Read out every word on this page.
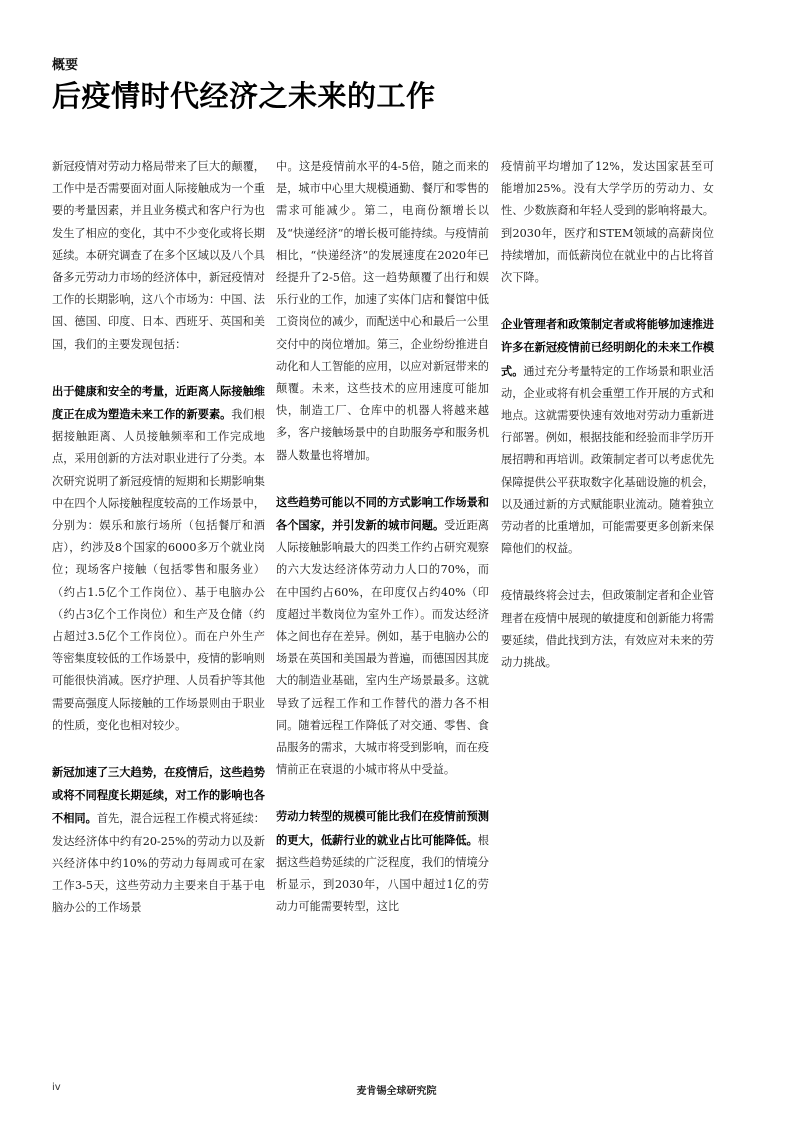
概要
后疫情时代经济之未来的工作

新冠疫情对劳动力格局带来了巨大的颠覆，工作中是否需要面对面人际接触成为一个重要的考量因素，并且业务模式和客户行为也发生了相应的变化，其中不少变化或将长期延续。本研究调查了在多个区域以及八个具备多元劳动力市场的经济体中，新冠疫情对工作的长期影响，这八个市场为：中国、法国、德国、印度、日本、西班牙、英国和美国，我们的主要发现包括：

出于健康和安全的考量，近距离人际接触维度正在成为塑造未来工作的新要素。我们根据接触距离、人员接触频率和工作完成地点，采用创新的方法对职业进行了分类。本次研究说明了新冠疫情的短期和长期影响集中在四个人际接触程度较高的工作场景中，分别为：娱乐和旅行场所（包括餐厅和酒店），约涉及8个国家的6000多万个就业岗位；现场客户接触（包括零售和服务业）（约占1.5亿个工作岗位）、基于电脑办公（约占3亿个工作岗位）和生产及仓储（约占超过3.5亿个工作岗位）。而在户外生产等密集度较低的工作场景中，疫情的影响则可能很快消减。医疗护理、人员看护等其他需要高强度人际接触的工作场景则由于职业的性质，变化也相对较少。

新冠加速了三大趋势，在疫情后，这些趋势或将不同程度长期延续，对工作的影响也各不相同。首先，混合远程工作模式将延续：发达经济体中约有20-25%的劳动力以及新兴经济体中约10%的劳动力每周或可在家工作3-5天，这些劳动力主要来自于基于电脑办公的工作场景

中。这是疫情前水平的4-5倍，随之而来的是，城市中心里大规模通勤、餐厅和零售的需求可能减少。第二，电商份额增长以及“快递经济”的增长极可能持续。与疫情前相比，“快递经济”的发展速度在2020年已经提升了2-5倍。这一趋势颠覆了出行和娱乐行业的工作，加速了实体门店和餐馆中低工资岗位的减少，而配送中心和最后一公里交付中的岗位增加。第三，企业纷纷推进自动化和人工智能的应用，以应对新冠带来的颠覆。未来，这些技术的应用速度可能加快，制造工厂、仓库中的机器人将越来越多，客户接触场景中的自助服务亭和服务机器人数量也将增加。

这些趋势可能以不同的方式影响工作场景和各个国家，并引发新的城市问题。受近距离人际接触影响最大的四类工作约占研究观察的六大发达经济体劳动力人口的70%，而在中国约占60%，在印度仅占约40%（印度超过半数岗位为室外工作）。而发达经济体之间也存在差异。例如，基于电脑办公的场景在英国和美国最为普遍，而德国因其庞大的制造业基础，室内生产场景最多。这就导致了远程工作和工作替代的潜力各不相同。随着远程工作降低了对交通、零售、食品服务的需求，大城市将受到影响，而在疫情前正在衰退的小城市将从中受益。

劳动力转型的规模可能比我们在疫情前预测的更大，低薪行业的就业占比可能降低。根据这些趋势延续的广泛程度，我们的情境分析显示，到2030年，八国中超过1亿的劳动力可能需要转型，这比

疫情前平均增加了12%，发达国家甚至可能增加25%。没有大学学历的劳动力、女性、少数族裔和年轻人受到的影响将最大。到2030年，医疗和STEM领域的高薪岗位持续增加，而低薪岗位在就业中的占比将首次下降。

企业管理者和政策制定者或将能够加速推进许多在新冠疫情前已经明朗化的未来工作模式。通过充分考量特定的工作场景和职业活动，企业或将有机会重塑工作开展的方式和地点。这就需要快速有效地对劳动力重新进行部署。例如，根据技能和经验而非学历开展招聘和再培训。政策制定者可以考虑优先保障提供公平获取数字化基础设施的机会，以及通过新的方式赋能职业流动。随着独立劳动者的比重增加，可能需要更多创新来保障他们的权益。

疫情最终将会过去，但政策制定者和企业管理者在疫情中展现的敏捷度和创新能力将需要延续，借此找到方法，有效应对未来的劳动力挑战。

iv	麦肯锡全球研究院
